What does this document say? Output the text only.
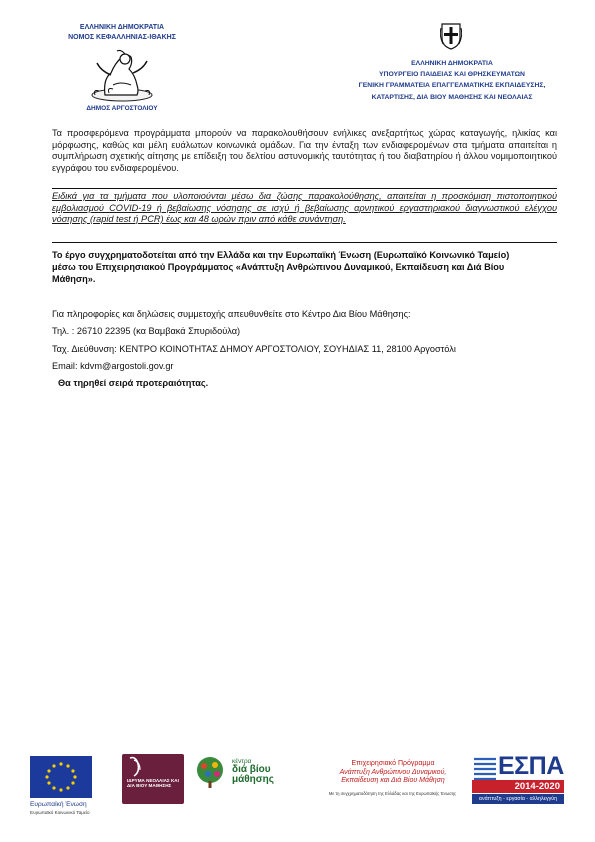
ΕΛΛΗΝΙΚΗ ΔΗΜΟΚΡΑΤΙΑ
ΝΟΜΟΣ ΚΕΦΑΛΛΗΝΙΑΣ-ΙΘΑΚΗΣ
ΔΗΜΟΣ ΑΡΓΟΣΤΟΛΙΟΥ
ΕΛΛΗΝΙΚΗ ΔΗΜΟΚΡΑΤΙΑ
ΥΠΟΥΡΓΕΙΟ ΠΑΙΔΕΙΑΣ ΚΑΙ ΘΡΗΣΚΕΥΜΑΤΩΝ
ΓΕΝΙΚΗ ΓΡΑΜΜΑΤΕΙΑ ΕΠΑΓΓΕΛΜΑΤΙΚΗΣ ΕΚΠΑΙΔΕΥΣΗΣ,
ΚΑΤΑΡΤΙΣΗΣ, ΔΙΑ ΒΙΟΥ ΜΑΘΗΣΗΣ ΚΑΙ ΝΕΟΛΑΙΑΣ
Τα προσφερόμενα προγράμματα μπορούν να παρακολουθήσουν ενήλικες ανεξαρτήτως χώρας καταγωγής, ηλικίας και μόρφωσης, καθώς και μέλη ευάλωτων κοινωνικά ομάδων. Για την ένταξη των ενδιαφερομένων στα τμήματα απαιτείται η συμπλήρωση σχετικής αίτησης με επίδειξη του δελτίου αστυνομικής ταυτότητας ή του διαβατηρίου ή άλλου νομιμοποιητικού εγγράφου του ενδιαφερομένου.
Ειδικά για τα τμήματα που υλοποιούνται μέσω δια ζώσης παρακολούθησης, απαιτείται η προσκόμιση πιστοποιητικού εμβολιασμού COVID-19 ή βεβαίωσης νόσησης σε ισχύ ή βεβαίωσης αρνητικού εργαστηριακού διαγνωστικού ελέγχου νόσησης (rapid test ή PCR) έως και 48 ωρών πριν από κάθε συνάντηση.
Το έργο συγχρηματοδοτείται από την Ελλάδα και την Ευρωπαϊκή Ένωση (Ευρωπαϊκό Κοινωνικό Ταμείο)
μέσω του Επιχειρησιακού Προγράμματος «Ανάπτυξη Ανθρώπινου Δυναμικού, Εκπαίδευση και Διά Βίου
Μάθηση».
Για πληροφορίες και δηλώσεις συμμετοχής απευθυνθείτε στο Κέντρο Δια Βίου Μάθησης:
Τηλ. : 26710 22395 (κα Βαμβακά Σπυριδούλα)
Ταχ. Διεύθυνση: ΚΕΝΤΡΟ ΚΟΙΝΟΤΗΤΑΣ ΔΗΜΟΥ ΑΡΓΟΣΤΟΛΙΟΥ, ΣΟΥΗΔΙΑΣ 11, 28100 Αργοστόλι
Email: kdvm@argostoli.gov.gr
Θα τηρηθεί σειρά προτεραιότητας.
Ευρωπαϊκή Ένωση
Ευρωπαϊκό Κοινωνικό Ταμείο
ΙΔΡΥΜΑ ΝΕΟΛΑΙΑΣ ΚΑΙ ΔΙΑ ΒΙΟΥ ΜΑΘΗΣΗΣ
κέντρα
διά βίου
μάθησης
Επιχειρησιακό Πρόγραμμα
Ανάπτυξη Ανθρώπινου Δυναμικού,
Εκπαίδευση και Διά Βίου Μάθηση
Με τη συγχρηματοδότηση της Ελλάδας και της Ευρωπαϊκής Ένωσης
ΕΣΠΑ
2014-2020
ανάπτυξη - εργασία - αλληλεγγύη
